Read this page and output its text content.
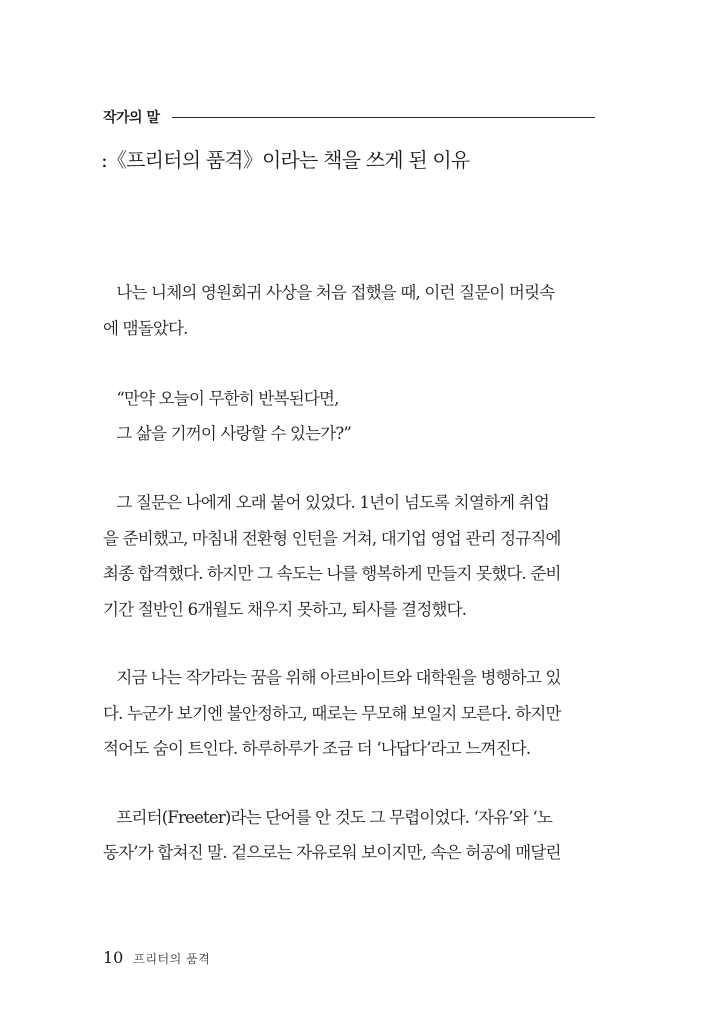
작가의 말
:《프리터의 품격》이라는 책을 쓰게 된 이유
나는 니체의 영원회귀 사상을 처음 접했을 때, 이런 질문이 머릿속
에 맴돌았다.
“만약 오늘이 무한히 반복된다면,
그 삶을 기꺼이 사랑할 수 있는가?”
그 질문은 나에게 오래 붙어 있었다. 1년이 넘도록 치열하게 취업
을 준비했고, 마침내 전환형 인턴을 거쳐, 대기업 영업 관리 정규직에
최종 합격했다. 하지만 그 속도는 나를 행복하게 만들지 못했다. 준비
기간 절반인 6개월도 채우지 못하고, 퇴사를 결정했다.
지금 나는 작가라는 꿈을 위해 아르바이트와 대학원을 병행하고 있
다. 누군가 보기엔 불안정하고, 때로는 무모해 보일지 모른다. 하지만
적어도 숨이 트인다. 하루하루가 조금 더 ‘나답다’라고 느껴진다.
프리터(Freeter)라는 단어를 안 것도 그 무렵이었다. ‘자유’와 ‘노
동자’가 합쳐진 말. 겉으로는 자유로워 보이지만, 속은 허공에 매달린
10 프리터의 품격
